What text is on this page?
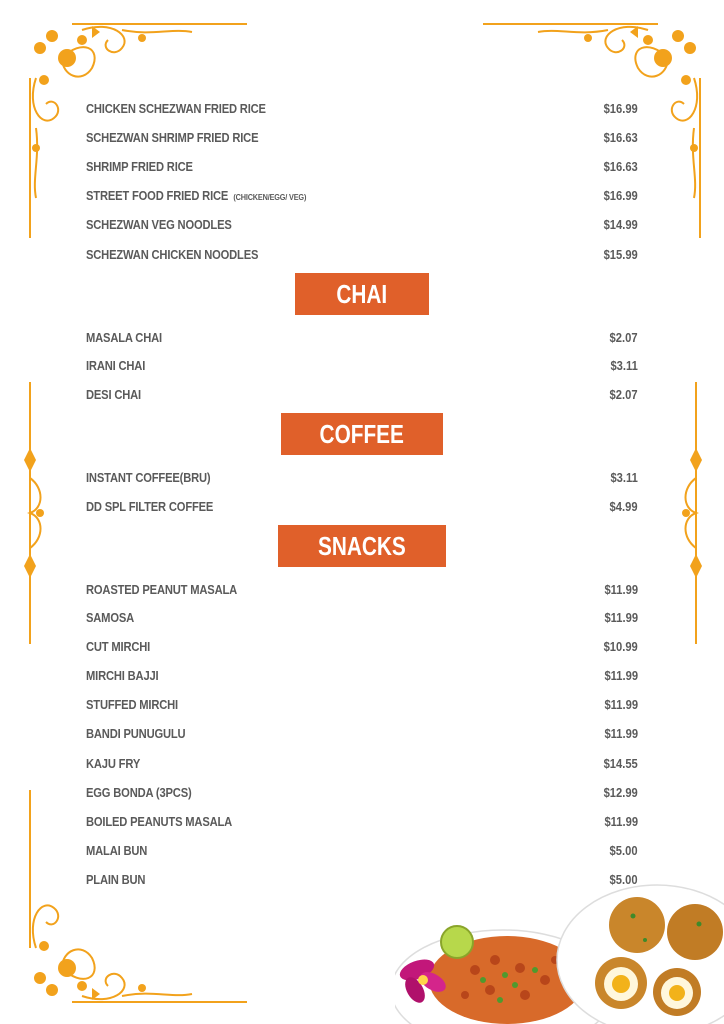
CHICKEN SCHEZWAN FRIED RICE	$16.99
SCHEZWAN SHRIMP FRIED RICE	$16.63
SHRIMP FRIED RICE	$16.63
STREET FOOD FRIED RICE (CHICKEN/EGG/ VEG)	$16.99
SCHEZWAN VEG NOODLES	$14.99
SCHEZWAN CHICKEN NOODLES	$15.99
CHAI
MASALA CHAI	$2.07
IRANI CHAI	$3.11
DESI CHAI	$2.07
COFFEE
INSTANT COFFEE(BRU)	$3.11
DD SPL FILTER COFFEE	$4.99
SNACKS
ROASTED PEANUT MASALA	$11.99
SAMOSA	$11.99
CUT MIRCHI	$10.99
MIRCHI BAJJI	$11.99
STUFFED MIRCHI	$11.99
BANDI PUNUGULU	$11.99
KAJU FRY	$14.55
EGG BONDA (3PCS)	$12.99
BOILED PEANUTS MASALA	$11.99
MALAI BUN	$5.00
PLAIN BUN	$5.00
